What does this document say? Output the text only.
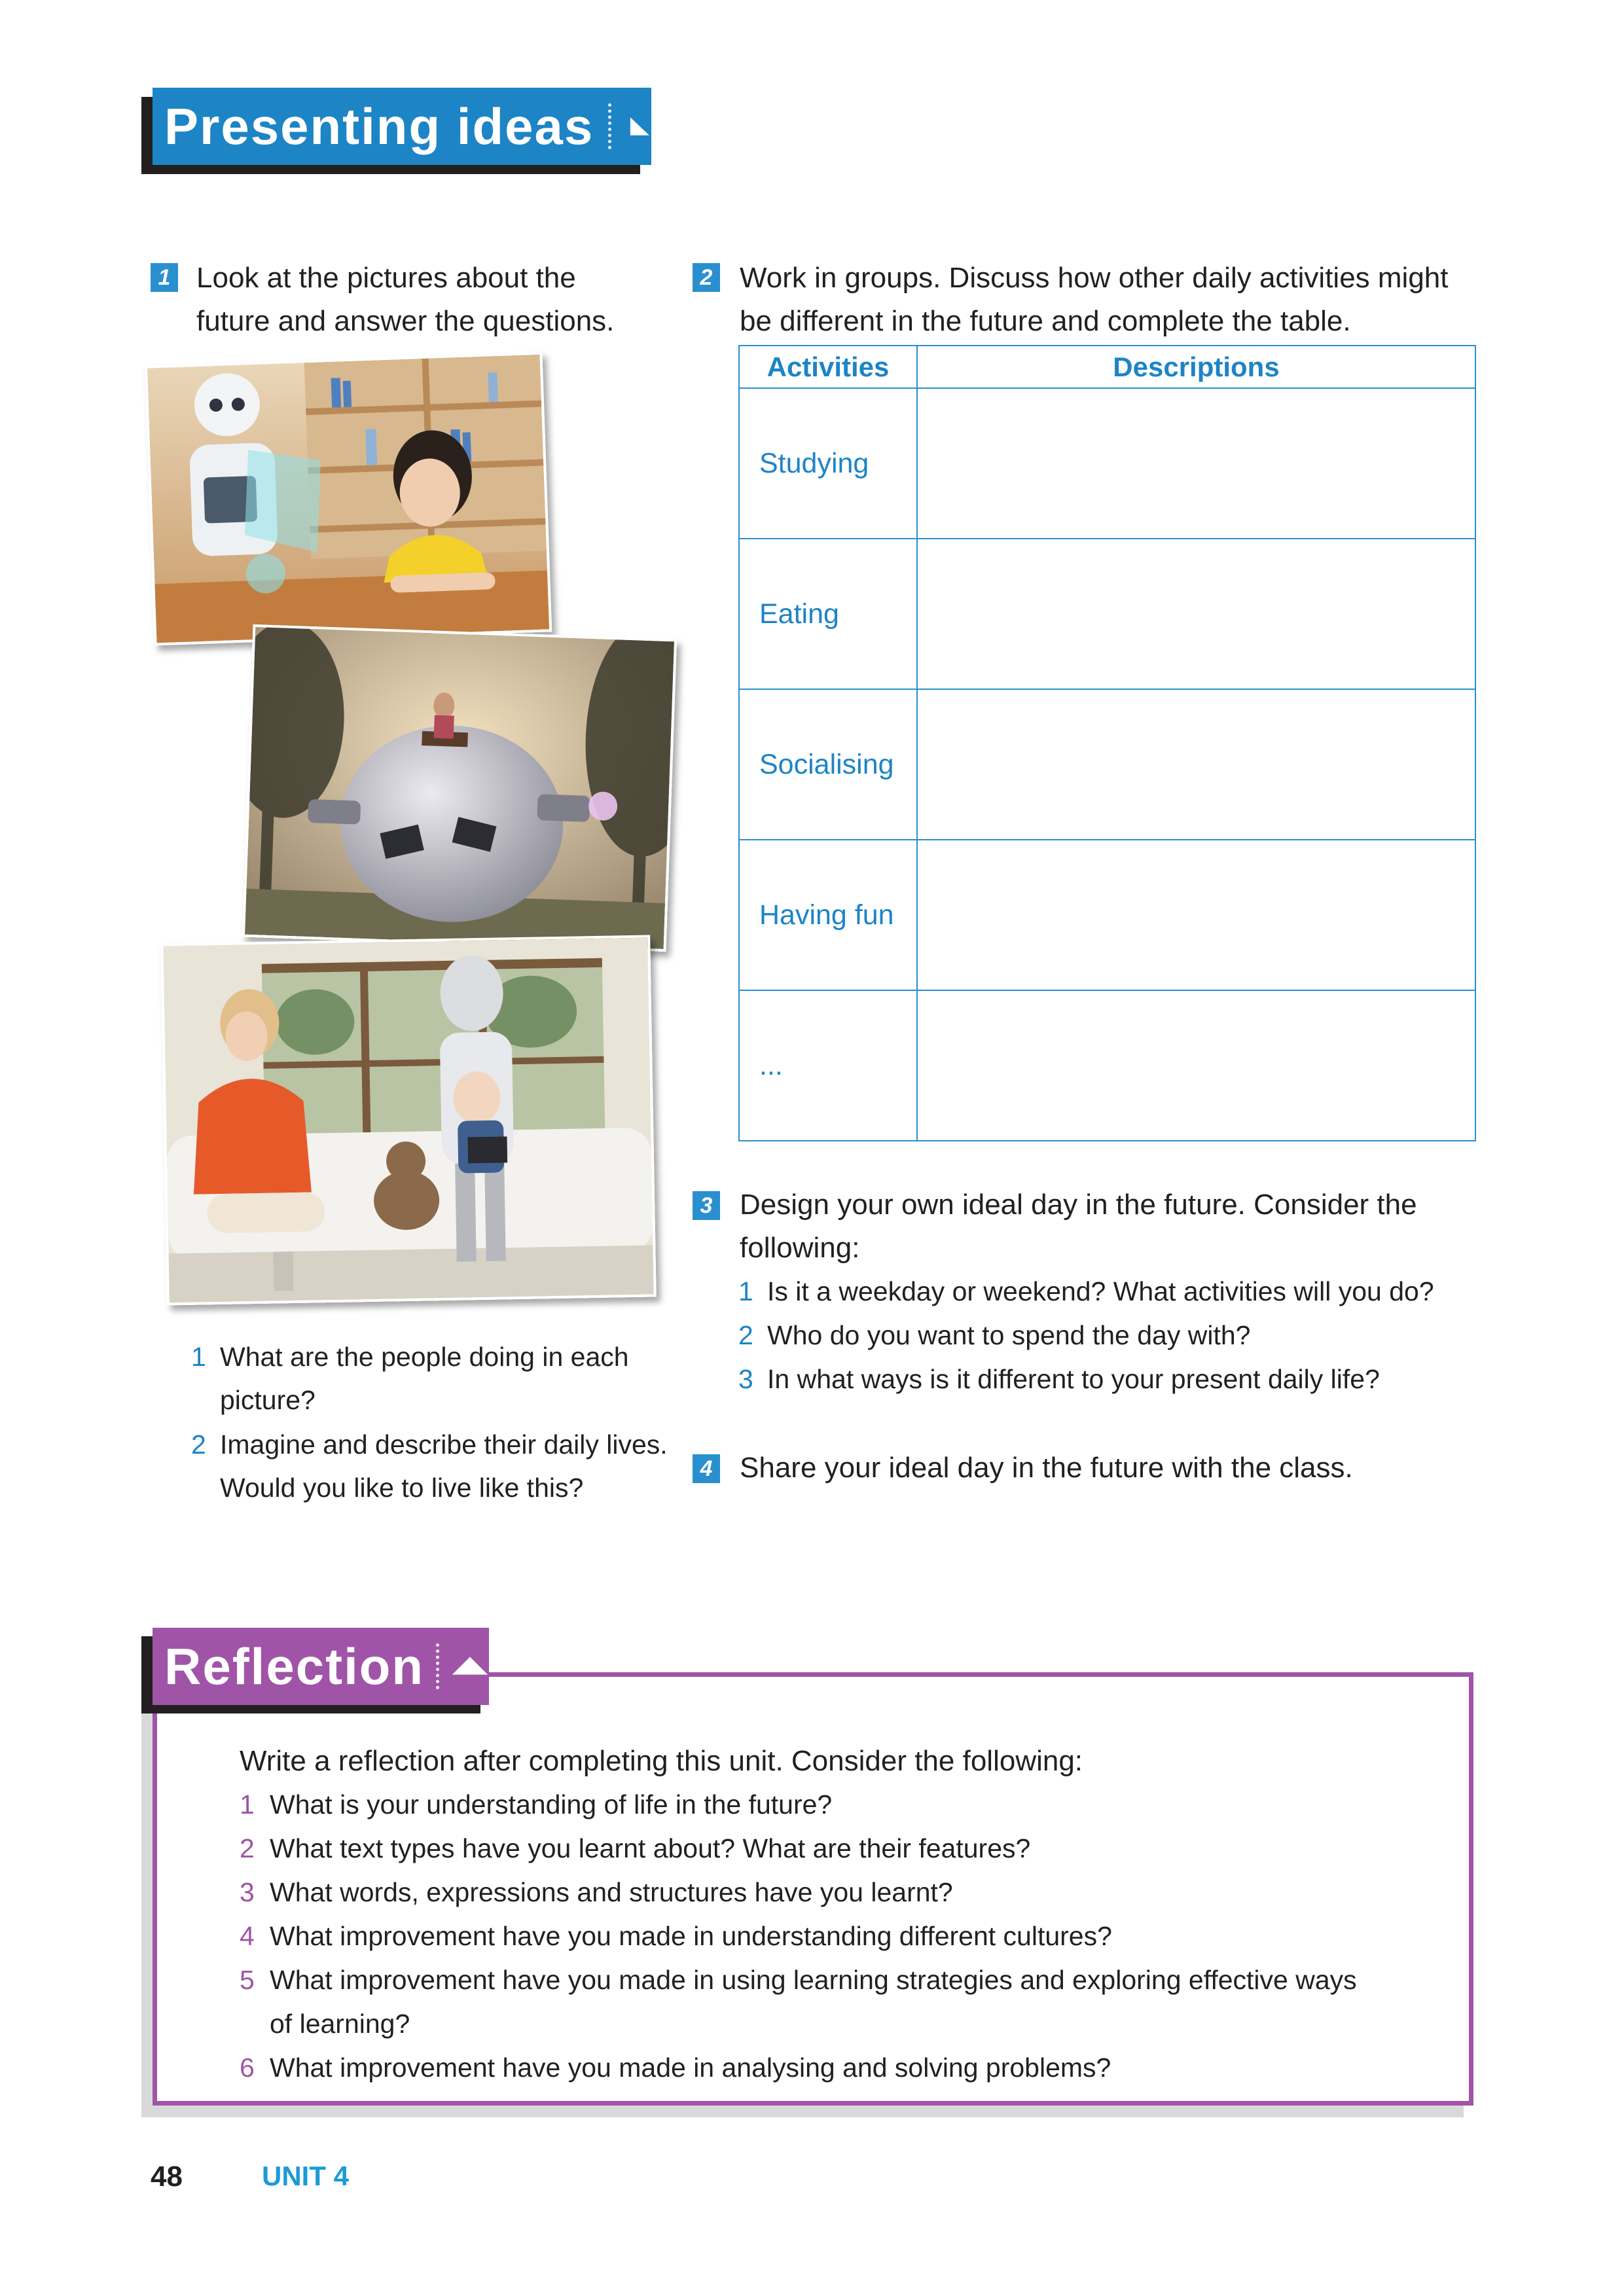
Presenting ideas
1 Look at the pictures about the
future and answer the questions.
1 What are the people doing in each
picture?
2 Imagine and describe their daily lives.
Would you like to live like this?
2 Work in groups. Discuss how other daily activities might
be different in the future and complete the table.
Activities	Descriptions
Studying	
Eating	
Socialising	
Having fun	
...	
3 Design your own ideal day in the future. Consider the
following:
1 Is it a weekday or weekend? What activities will you do?
2 Who do you want to spend the day with?
3 In what ways is it different to your present daily life?
4 Share your ideal day in the future with the class.
Reflection
Write a reflection after completing this unit. Consider the following:
1 What is your understanding of life in the future?
2 What text types have you learnt about? What are their features?
3 What words, expressions and structures have you learnt?
4 What improvement have you made in understanding different cultures?
5 What improvement have you made in using learning strategies and exploring effective ways
of learning?
6 What improvement have you made in analysing and solving problems?
48	UNIT 4
